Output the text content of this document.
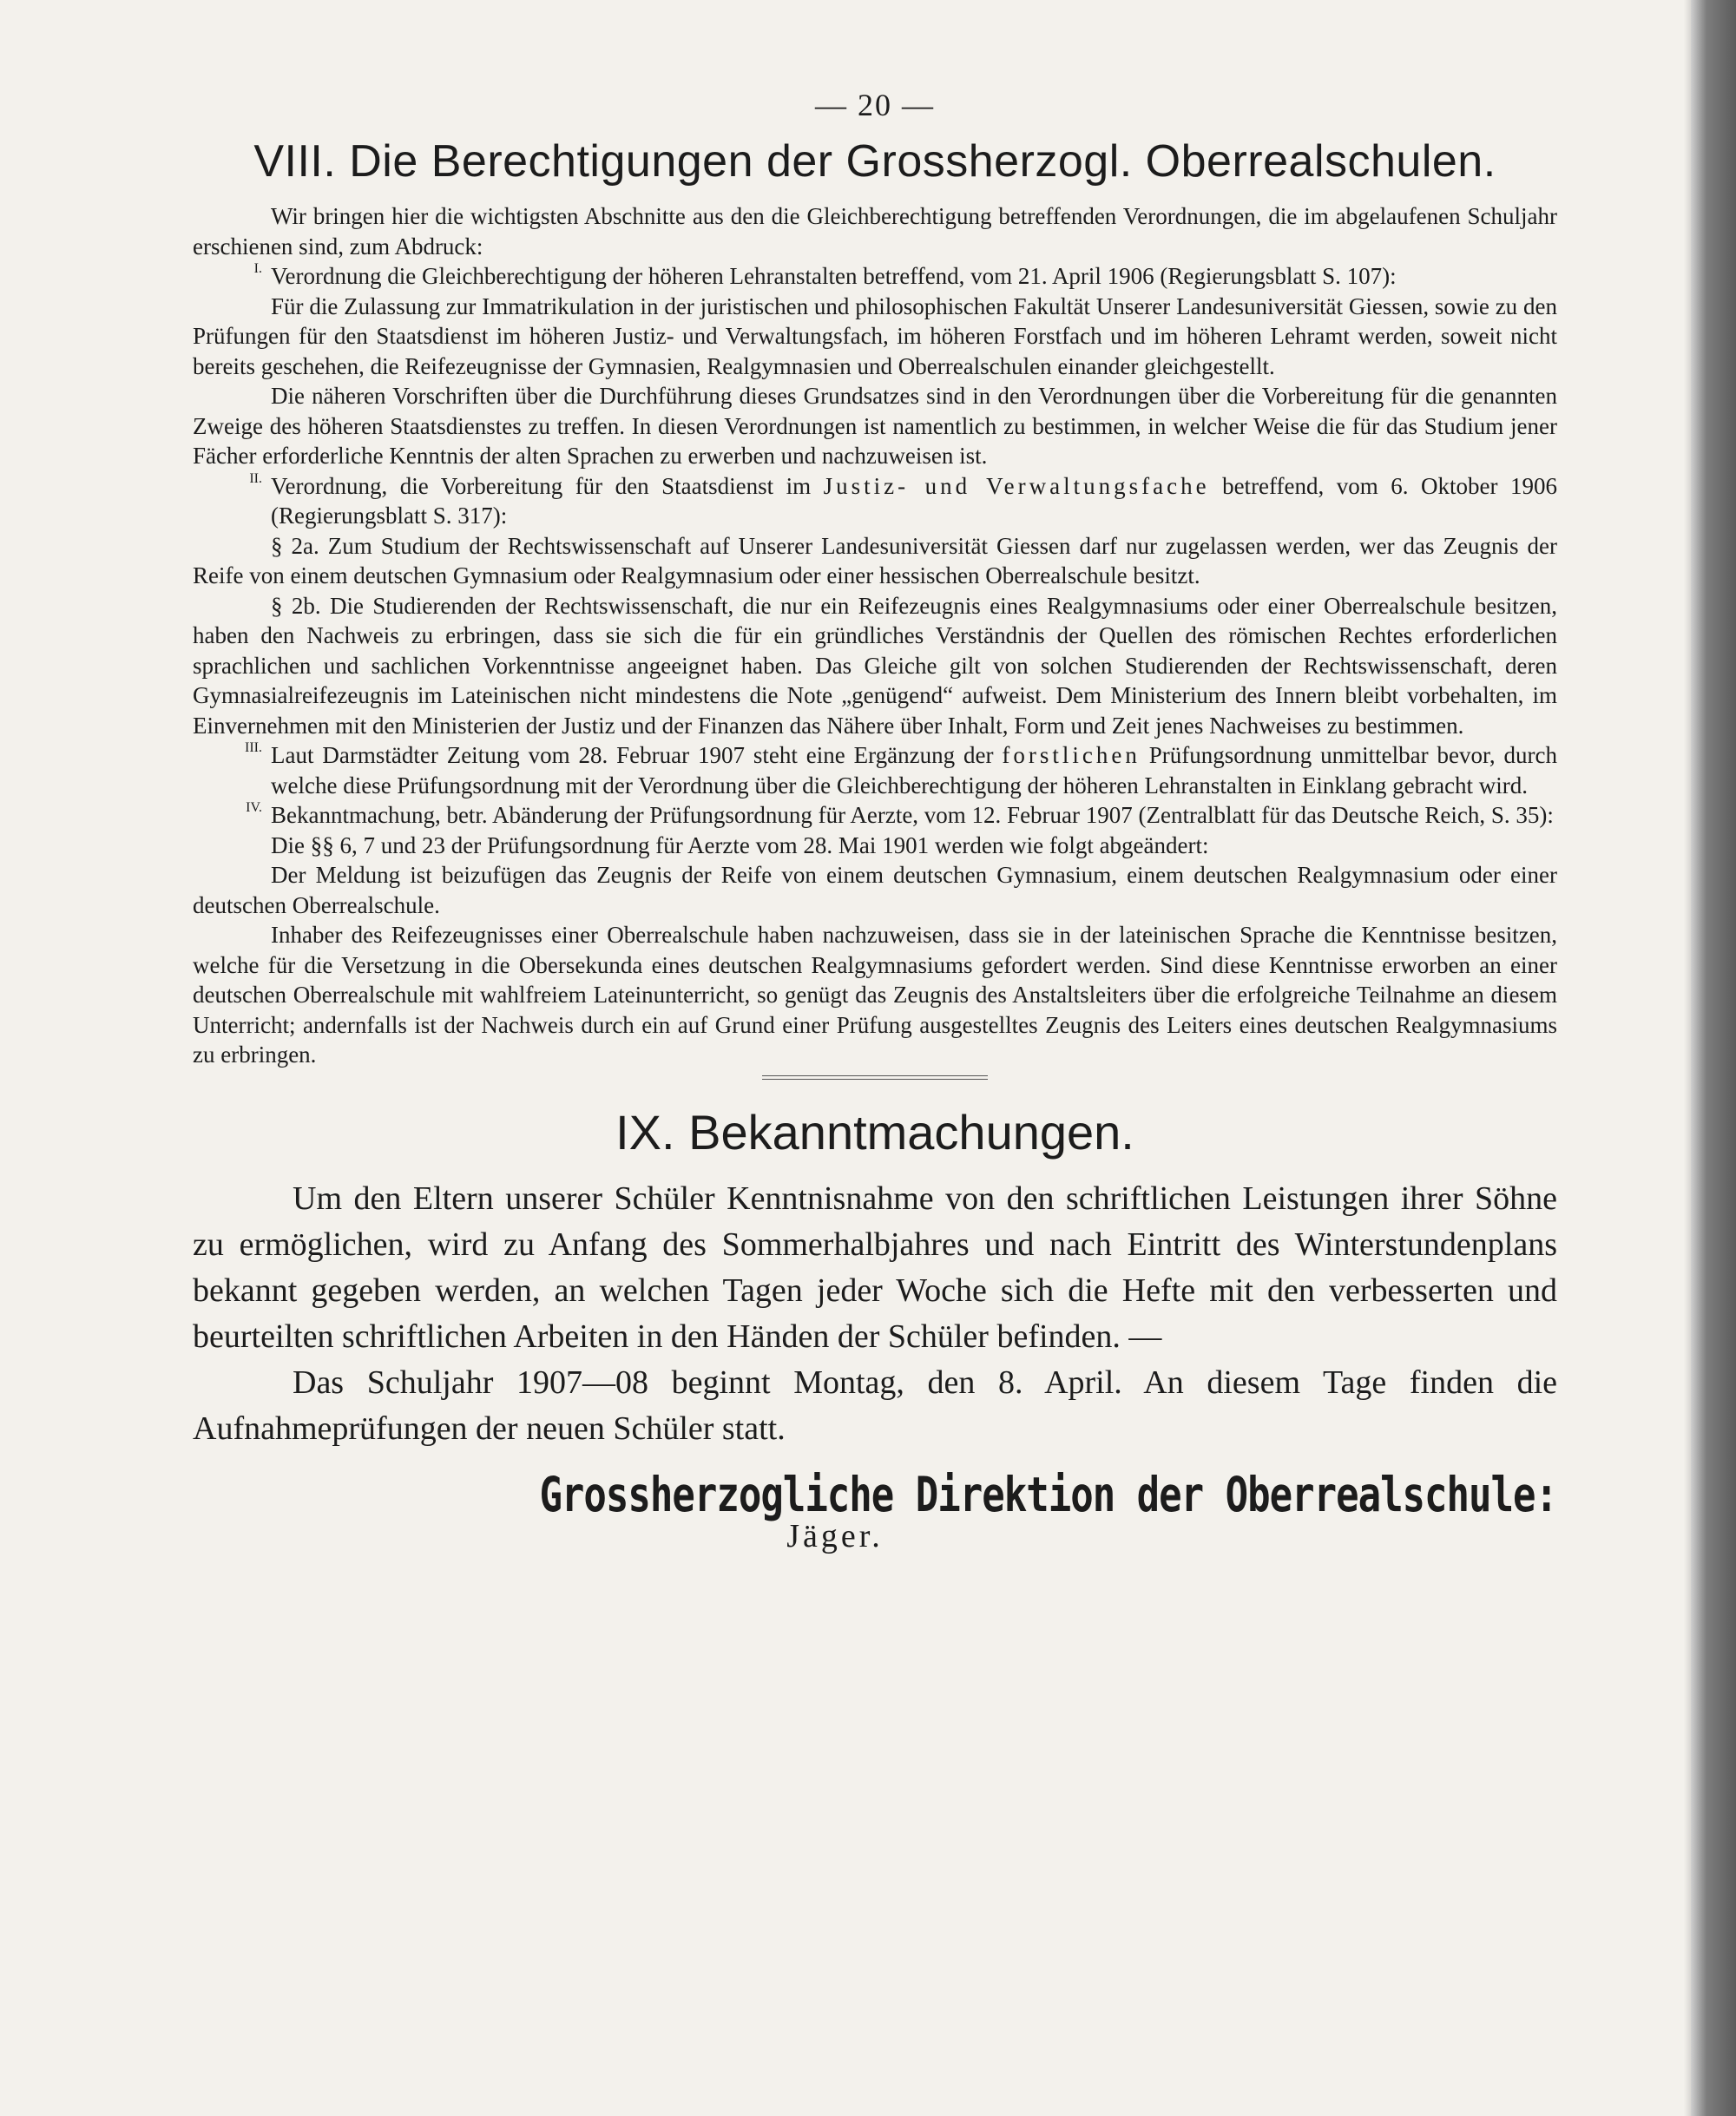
— 20 —
VIII. Die Berechtigungen der Grossherzogl. Oberrealschulen.

Wir bringen hier die wichtigsten Abschnitte aus den die Gleichberechtigung betreffenden Verordnungen, die im abgelaufenen Schuljahr erschienen sind, zum Abdruck:

I. Verordnung die Gleichberechtigung der höheren Lehranstalten betreffend, vom 21. April 1906 (Regierungsblatt S. 107):

Für die Zulassung zur Immatrikulation in der juristischen und philosophischen Fakultät Unserer Landesuniversität Giessen, sowie zu den Prüfungen für den Staatsdienst im höheren Justiz- und Verwaltungsfach, im höheren Forstfach und im höheren Lehramt werden, soweit nicht bereits geschehen, die Reifezeugnisse der Gymnasien, Realgymnasien und Oberrealschulen einander gleichgestellt.

Die näheren Vorschriften über die Durchführung dieses Grundsatzes sind in den Verordnungen über die Vorbereitung für die genannten Zweige des höheren Staatsdienstes zu treffen. In diesen Verordnungen ist namentlich zu bestimmen, in welcher Weise die für das Studium jener Fächer erforderliche Kenntnis der alten Sprachen zu erwerben und nachzuweisen ist.

II. Verordnung, die Vorbereitung für den Staatsdienst im Justiz- und Verwaltungsfache betreffend, vom 6. Oktober 1906 (Regierungsblatt S. 317):

§ 2a. Zum Studium der Rechtswissenschaft auf Unserer Landesuniversität Giessen darf nur zugelassen werden, wer das Zeugnis der Reife von einem deutschen Gymnasium oder Realgymnasium oder einer hessischen Oberrealschule besitzt.

§ 2b. Die Studierenden der Rechtswissenschaft, die nur ein Reifezeugnis eines Realgymnasiums oder einer Oberrealschule besitzen, haben den Nachweis zu erbringen, dass sie sich die für ein gründliches Verständnis der Quellen des römischen Rechtes erforderlichen sprachlichen und sachlichen Vorkenntnisse angeeignet haben. Das Gleiche gilt von solchen Studierenden der Rechtswissenschaft, deren Gymnasialreifezeugnis im Lateinischen nicht mindestens die Note „genügend“ aufweist. Dem Ministerium des Innern bleibt vorbehalten, im Einvernehmen mit den Ministerien der Justiz und der Finanzen das Nähere über Inhalt, Form und Zeit jenes Nachweises zu bestimmen.

III. Laut Darmstädter Zeitung vom 28. Februar 1907 steht eine Ergänzung der forstlichen Prüfungsordnung unmittelbar bevor, durch welche diese Prüfungsordnung mit der Verordnung über die Gleichberechtigung der höheren Lehranstalten in Einklang gebracht wird.

IV. Bekanntmachung, betr. Abänderung der Prüfungsordnung für Aerzte, vom 12. Februar 1907 (Zentralblatt für das Deutsche Reich, S. 35):

Die §§ 6, 7 und 23 der Prüfungsordnung für Aerzte vom 28. Mai 1901 werden wie folgt abgeändert:

Der Meldung ist beizufügen das Zeugnis der Reife von einem deutschen Gymnasium, einem deutschen Realgymnasium oder einer deutschen Oberrealschule.

Inhaber des Reifezeugnisses einer Oberrealschule haben nachzuweisen, dass sie in der lateinischen Sprache die Kenntnisse besitzen, welche für die Versetzung in die Obersekunda eines deutschen Realgymnasiums gefordert werden. Sind diese Kenntnisse erworben an einer deutschen Oberrealschule mit wahlfreiem Lateinunterricht, so genügt das Zeugnis des Anstaltsleiters über die erfolgreiche Teilnahme an diesem Unterricht; andernfalls ist der Nachweis durch ein auf Grund einer Prüfung ausgestelltes Zeugnis des Leiters eines deutschen Realgymnasiums zu erbringen.

IX. Bekanntmachungen.

Um den Eltern unserer Schüler Kenntnisnahme von den schriftlichen Leistungen ihrer Söhne zu ermöglichen, wird zu Anfang des Sommerhalbjahres und nach Eintritt des Winterstundenplans bekannt gegeben werden, an welchen Tagen jeder Woche sich die Hefte mit den verbesserten und beurteilten schriftlichen Arbeiten in den Händen der Schüler befinden. —

Das Schuljahr 1907—08 beginnt Montag, den 8. April. An diesem Tage finden die Aufnahmeprüfungen der neuen Schüler statt.

Grossherzogliche Direktion der Oberrealschule:
Jäger.
